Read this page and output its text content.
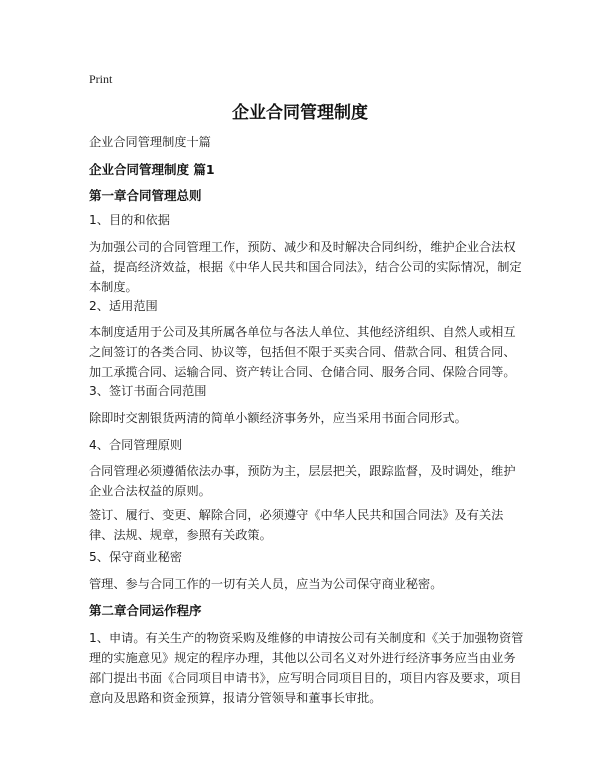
Print
企业合同管理制度
企业合同管理制度十篇
企业合同管理制度 篇1
第一章合同管理总则
1、目的和依据
为加强公司的合同管理工作，预防、减少和及时解决合同纠纷，维护企业合法权益，提高经济效益，根据《中华人民共和国合同法》，结合公司的实际情况，制定本制度。
2、适用范围
本制度适用于公司及其所属各单位与各法人单位、其他经济组织、自然人或相互之间签订的各类合同、协议等，包括但不限于买卖合同、借款合同、租赁合同、加工承揽合同、运输合同、资产转让合同、仓储合同、服务合同、保险合同等。
3、签订书面合同范围
除即时交割银货两清的简单小额经济事务外，应当采用书面合同形式。
4、合同管理原则
合同管理必须遵循依法办事，预防为主，层层把关，跟踪监督，及时调处，维护企业合法权益的原则。
签订、履行、变更、解除合同，必须遵守《中华人民共和国合同法》及有关法律、法规、规章，参照有关政策。
5、保守商业秘密
管理、参与合同工作的一切有关人员，应当为公司保守商业秘密。
第二章合同运作程序
1、申请。有关生产的物资采购及维修的申请按公司有关制度和《关于加强物资管理的实施意见》规定的程序办理，其他以公司名义对外进行经济事务应当由业务部门提出书面《合同项目申请书》，应写明合同项目目的，项目内容及要求，项目意向及思路和资金预算，报请分管领导和董事长审批。
